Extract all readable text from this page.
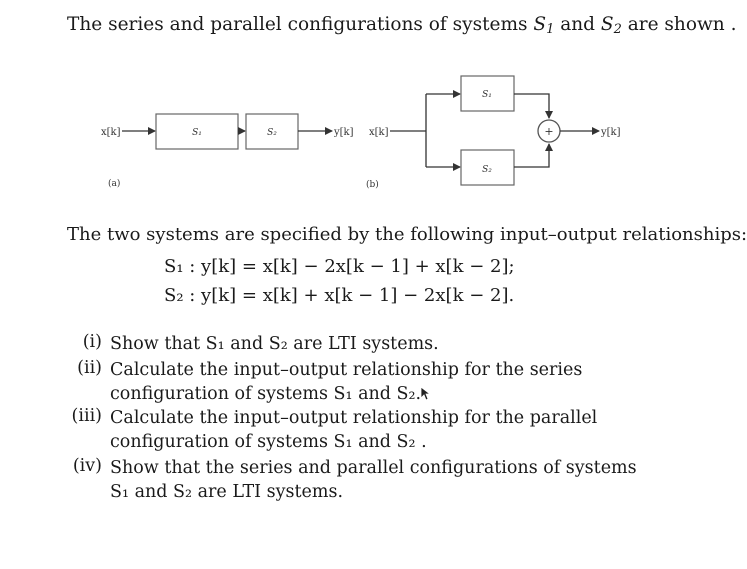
The series and parallel configurations of systems $S_1$ and $S_2$ are shown .
x[k]	S₁	S₂	y[k]
(a)
x[k]
S₁
S₂
+	y[k]
(b)
The two systems are specified by the following input–output relationships:
S₁ : y[k] = x[k] − 2x[k − 1] + x[k − 2];
S₂ : y[k] = x[k] + x[k − 1] − 2x[k − 2].
(i) Show that S₁ and S₂ are LTI systems.
(ii) Calculate the input–output relationship for the series configuration of systems S₁ and S₂.
(iii) Calculate the input–output relationship for the parallel configuration of systems S₁ and S₂ .
(iv) Show that the series and parallel configurations of systems S₁ and S₂ are LTI systems.
